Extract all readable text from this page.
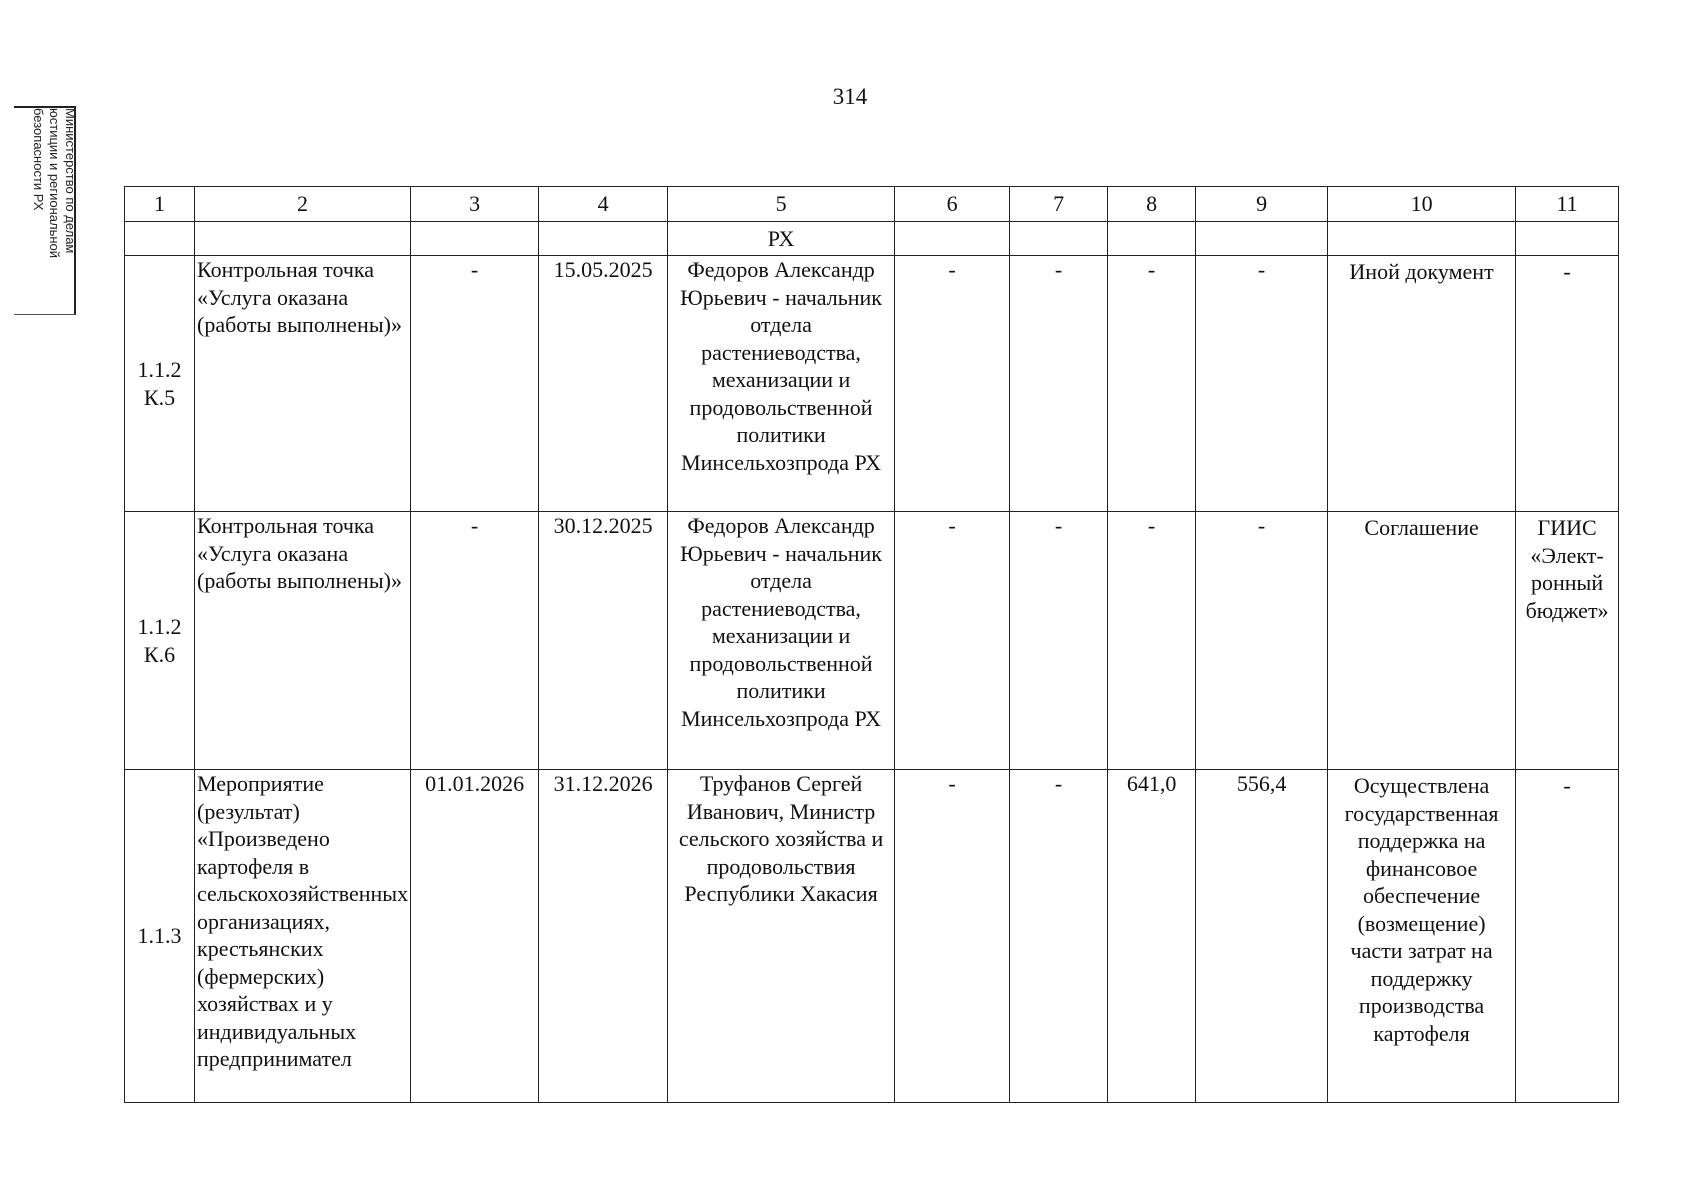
314
Министерство по делам
юстиции и региональной
безопасности РХ	1	2	3	4	5	6	7	8	9	10	11
				РХ						
1.1.2 К.5	Контрольная точка «Услуга оказана (работы выполнены)»	-	15.05.2025	Федоров Александр Юрьевич - начальник отдела растениеводства, механизации и продовольственной политики Минсельхозпрода РХ	-	-	-	-	Иной документ	-
1.1.2 К.6	Контрольная точка «Услуга оказана (работы выполнены)»	-	30.12.2025	Федоров Александр Юрьевич - начальник отдела растениеводства, механизации и продовольственной политики Минсельхозпрода РХ	-	-	-	-	Соглашение	ГИИС «Элект-ронный бюджет»
1.1.3	Мероприятие (результат) «Произведено картофеля в сельскохозяйственных организациях, крестьянских (фермерских) хозяйствах и у индивидуальных предпринимател	01.01.2026	31.12.2026	Труфанов Сергей Иванович, Министр сельского хозяйства и продовольствия Республики Хакасия	-	-	641,0	556,4	Осуществлена государственная поддержка на финансовое обеспечение (возмещение) части затрат на поддержку производства картофеля	-
